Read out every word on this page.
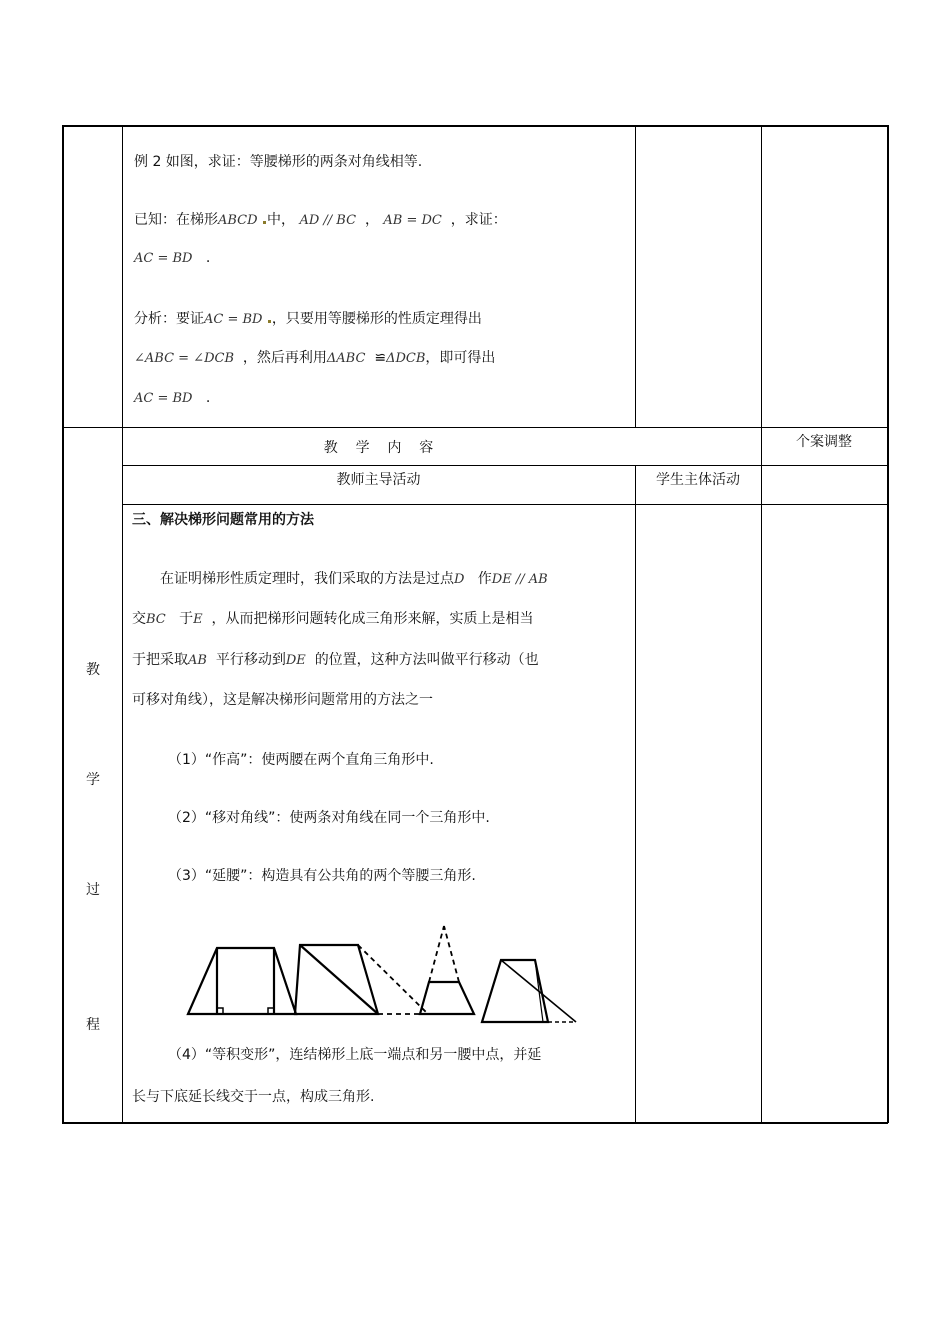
例 2 如图，求证：等腰梯形的两条对角线相等.
已知：在梯形ABCD 中， AD // BC ， AB = DC ，求证：
AC = BD .
分析：要证AC = BD ，只要用等腰梯形的性质定理得出
∠ABC = ∠DCB ，然后再利用ΔABC ≌ΔDCB，即可得出
AC = BD .
教
学
过
程
教    学    内    容	个案调整
教师主导活动	学生主体活动
三、解决梯形问题常用的方法
在证明梯形性质定理时，我们采取的方法是过点D 作DE // AB
交BC 于E ，从而把梯形问题转化成三角形来解，实质上是相当
于把采取AB 平行移动到DE 的位置，这种方法叫做平行移动（也
可移对角线），这是解决梯形问题常用的方法之一
（1）“作高”：使两腰在两个直角三角形中.
（2）“移对角线”：使两条对角线在同一个三角形中.
（3）“延腰”：构造具有公共角的两个等腰三角形.
（4）“等积变形”，连结梯形上底一端点和另一腰中点，并延
长与下底延长线交于一点，构成三角形.
